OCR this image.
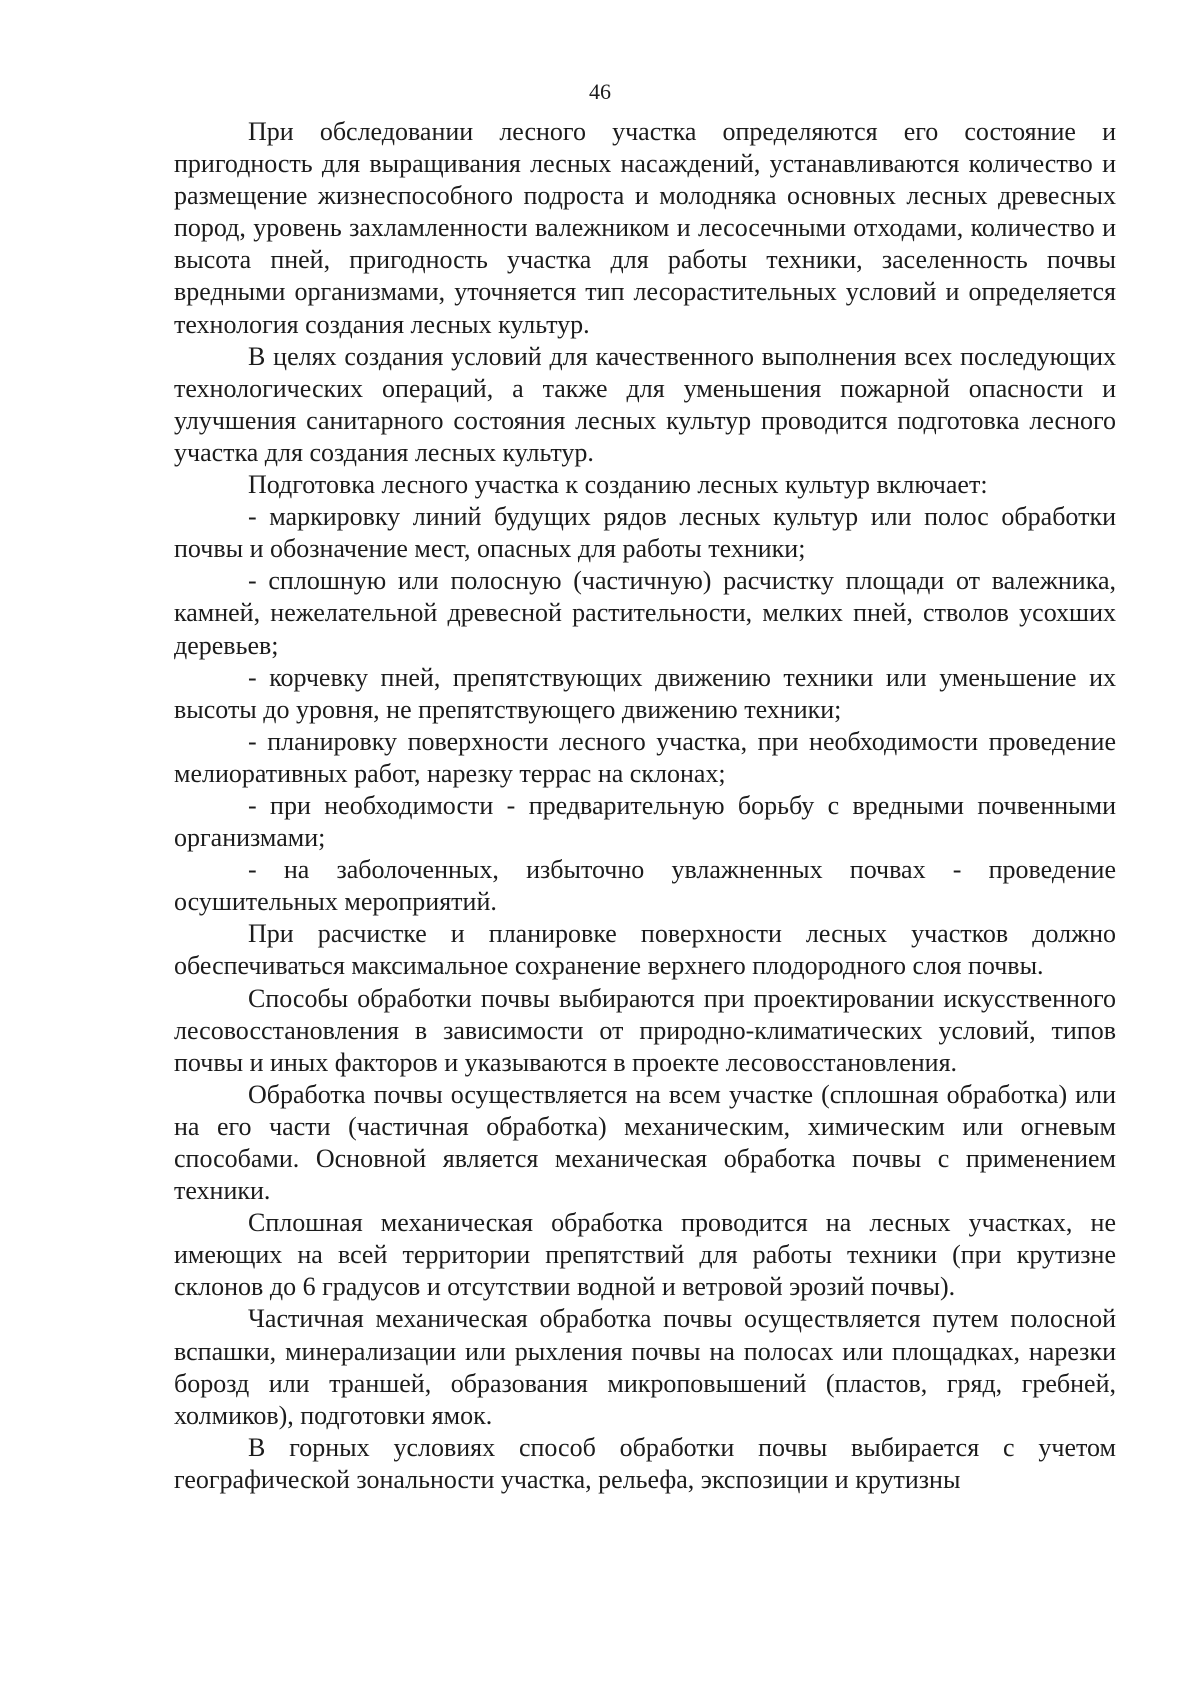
46

При обследовании лесного участка определяются его состояние и пригодность для выращивания лесных насаждений, устанавливаются количество и размещение жизнеспособного подроста и молодняка основных лесных древесных пород, уровень захламленности валежником и лесосечными отходами, количество и высота пней, пригодность участка для работы техники, заселенность почвы вредными организмами, уточняется тип лесорастительных условий и определяется технология создания лесных культур.

В целях создания условий для качественного выполнения всех последующих технологических операций, а также для уменьшения пожарной опасности и улучшения санитарного состояния лесных культур проводится подготовка лесного участка для создания лесных культур.

Подготовка лесного участка к созданию лесных культур включает:

- маркировку линий будущих рядов лесных культур или полос обработки почвы и обозначение мест, опасных для работы техники;

- сплошную или полосную (частичную) расчистку площади от валежника, камней, нежелательной древесной растительности, мелких пней, стволов усохших деревьев;

- корчевку пней, препятствующих движению техники или уменьшение их высоты до уровня, не препятствующего движению техники;

- планировку поверхности лесного участка, при необходимости проведение мелиоративных работ, нарезку террас на склонах;

- при необходимости - предварительную борьбу с вредными почвенными организмами;

- на заболоченных, избыточно увлажненных почвах - проведение осушительных мероприятий.

При расчистке и планировке поверхности лесных участков должно обеспечиваться максимальное сохранение верхнего плодородного слоя почвы.

Способы обработки почвы выбираются при проектировании искусственного лесовосстановления в зависимости от природно-климатических условий, типов почвы и иных факторов и указываются в проекте лесовосстановления.

Обработка почвы осуществляется на всем участке (сплошная обработка) или на его части (частичная обработка) механическим, химическим или огневым способами. Основной является механическая обработка почвы с применением техники.

Сплошная механическая обработка проводится на лесных участках, не имеющих на всей территории препятствий для работы техники (при крутизне склонов до 6 градусов и отсутствии водной и ветровой эрозий почвы).

Частичная механическая обработка почвы осуществляется путем полосной вспашки, минерализации или рыхления почвы на полосах или площадках, нарезки борозд или траншей, образования микроповышений (пластов, гряд, гребней, холмиков), подготовки ямок.

В горных условиях способ обработки почвы выбирается с учетом географической зональности участка, рельефа, экспозиции и крутизны
